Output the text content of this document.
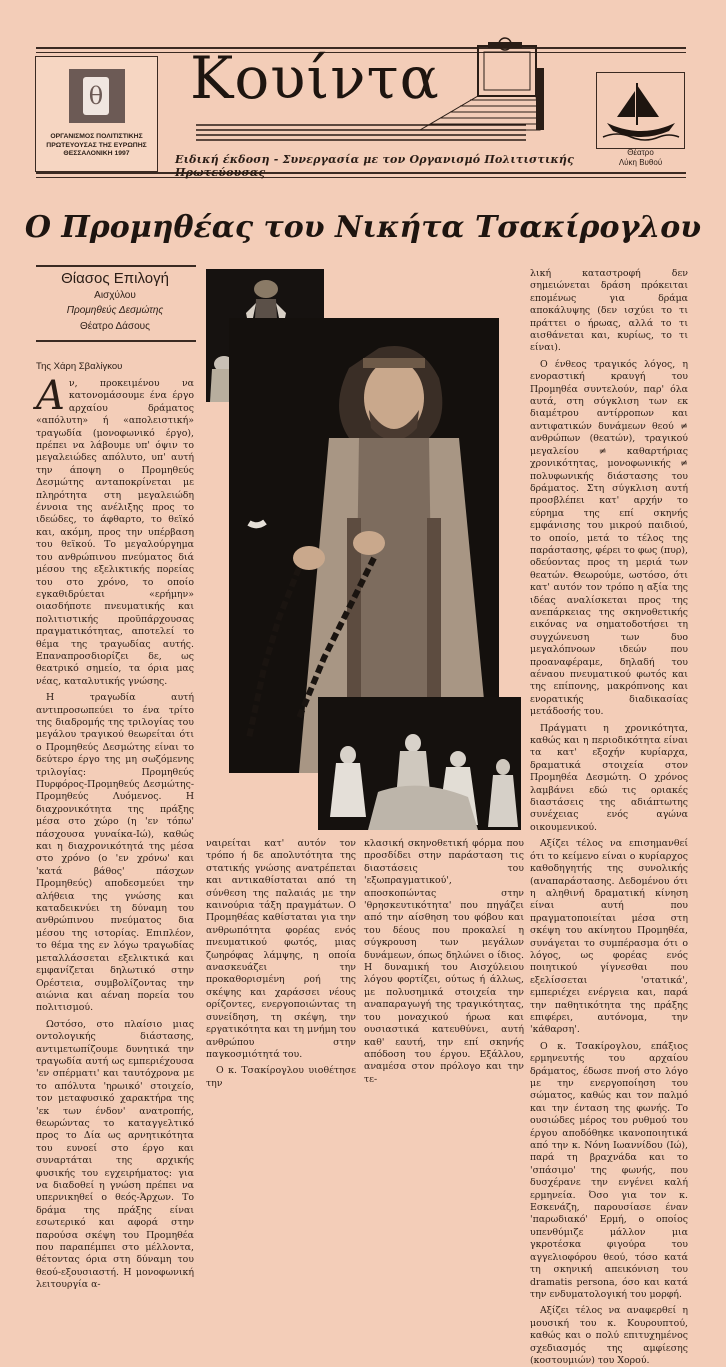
θ
ΟΡΓΑΝΙΣΜΟΣ ΠΟΛΙΤΙΣΤΙΚΗΣ
ΠΡΩΤΕΥΟΥΣΑΣ ΤΗΣ ΕΥΡΩΠΗΣ
ΘΕΣΣΑΛΟΝΙΚΗ 1997
Κουίντα
Ειδική έκδοση - Συνεργασία με τον Οργανισμό Πολιτιστικής Πρωτεύουσας
Θέατρο
Λύκη Βυθού
Ο Προμηθέας του Νικήτα Τσακίρογλου
Θίασος Επιλογή
Αισχύλου
Προμηθεύς Δεσμώτης
Θέατρο Δάσους
Της Χάρη Σβαλίγκου

Αν, προκειμένου να κατονομάσουμε ένα έργο αρχαίου δράματος «απόλυτη» ή «απολειστική» τραγωδία (μονοφωνικό έργο), πρέπει να λάβουμε υπ' όψιν το μεγαλειώδες απόλυτο, υπ' αυτή την άποψη ο Προμηθεύς Δεσμώτης ανταποκρίνεται με πληρότητα στη μεγαλειώδη έννοια της ανέλιξης προς το ιδεώδες, το άφθαρτο, το θεϊκό και, ακόμη, προς την υπέρβαση του θεϊκού. Το μεγαλούργημα του ανθρώπινου πνεύματος διά μέσου της εξελικτικής πορείας του στο χρόνο, το οποίο εγκαθιδρύεται «ερήμην» οιασδήποτε πνευματικής και πολιτιστικής προϋπάρχουσας πραγματικότητας, αποτελεί το θέμα της τραγωδίας αυτής. Επαναπροσδιορίζει δε, ως θεατρικό σημείο, τα όρια μας νέας, καταλυτικής γνώσης.

Η τραγωδία αυτή αντιπροσωπεύει το ένα τρίτο της διαδρομής της τριλογίας του μεγάλου τραγικού θεωρείται ότι ο Προμηθεύς Δεσμώτης είναι το δεύτερο έργο της μη σωζόμενης τριλογίας: Προμηθεύς Πυρφόρος-Προμηθεύς Δεσμώτης-Προμηθεύς Λυόμενος. Η διαχρονικότητα της πράξης μέσα στο χώρο (η 'εν τόπω' πάσχουσα γυναίκα-Ιώ), καθώς και η διαχρονικότητά της μέσα στο χρόνο (ο 'εν χρόνω' και 'κατά βάθος' πάσχων Προμηθεύς) αποδεσμεύει την αλήθεια της γνώσης και καταδεικνύει τη δύναμη του ανθρώπινου πνεύματος δια μέσου της ιστορίας. Επιπλέον, το θέμα της εν λόγω τραγωδίας μεταλλάσσεται εξελικτικά και εμφανίζεται δηλωτικό στην Ορέστεια, συμβολίζοντας την αιώνια και αέναη πορεία του πολιτισμού.

Ωστόσο, στο πλαίσιο μιας οντολογικής διάστασης, αντιμετωπίζουμε δυνητικά την τραγωδία αυτή ως εμπεριέχουσα 'εν σπέρματι' και ταυτόχρονα με το απόλυτα 'ηρωικό' στοιχείο, τον μεταφυσικό χαρακτήρα της 'εκ των ένδον' ανατροπής, θεωρώντας το καταγγελτικό προς το Δία ως αρνητικότητα του ευνοεί στο έργο και συναρτάται της αρχικής φυσικής του εγχειρήματος: για να διαδοθεί η γνώση πρέπει να υπερνικηθεί ο θεός-Άρχων. Το δράμα της πράξης είναι εσωτερικό και αφορά στην παρούσα σκέψη του Προμηθέα που παραπέμπει στο μέλλοντα, θέτοντας όρια στη δύναμη του θεού-εξουσιαστή. Η μονοφωνική λειτουργία α-

ναιρείται κατ' αυτόν τον τρόπο ή δε απολυτότητα της στατικής γνώσης ανατρέπεται και αντικαθίσταται από τη σύνθεση της παλαιάς με την καινούρια τάξη πραγμάτων. Ο Προμηθέας καθίσταται για την ανθρωπότητα φορέας ενός πνευματικού φωτός, μιας ζωηρόφας λάμψης, η οποία ανασκευάζει την προκαθορισμένη ροή της σκέψης και χαράσσει νέους ορίζοντες, ενεργοποιώντας τη συνείδηση, τη σκέψη, την εργατικότητα και τη μνήμη του ανθρώπου στην παγκοσμιότητά του.

Ο κ. Τσακίρογλου υιοθέτησε την

κλασική σκηνοθετική φόρμα που προσδίδει στην παράσταση τις διαστάσεις του 'εξωπραγματικού', αποσκοπώντας στην 'θρησκευτικότητα' που πηγάζει από την αίσθηση του φόβου και του δέους που προκαλεί η σύγκρουση των μεγάλων δυνάμεων, όπως δηλώνει ο ίδιος. Η δυναμική του Αισχύλειου λόγου φορτίζει, ούτως ή άλλως, με πολυσημικά στοιχεία την αναπαραγωγή της τραγικότητας, του μοναχικού ήρωα και ουσιαστικά κατευθύνει, αυτή καθ' εαυτή, την επί σκηνής απόδοση του έργου. Εξάλλου, αναμέσα στον πρόλογο και την τε-

λική καταστροφή δεν σημειώνεται δράση πρόκειται επομένως για δράμα αποκάλυψης (δεν ισχύει το τι πράττει ο ήρωας, αλλά το τι αισθάνεται και, κυρίως, το τι είναι).

Ο ένθεος τραγικός λόγος, η ενοραστική κραυγή του Προμηθέα συντελούν, παρ' όλα αυτά, στη σύγκλιση των εκ διαμέτρου αντίρροπων και αντιφατικών δυνάμεων θεού ≠ ανθρώπων (θεατών), τραγικού μεγαλείου ≠ καθαρτήριας χρονικότητας, μονοφωνικής ≠ πολυφωνικής διάστασης του δράματος. Στη σύγκλιση αυτή προσβλέπει κατ' αρχήν το εύρημα της επί σκηνής εμφάνισης του μικρού παιδιού, το οποίο, μετά το τέλος της παράστασης, φέρει το φως (πυρ), οδεύοντας προς τη μεριά των θεατών. Θεωρούμε, ωστόσο, ότι κατ' αυτόν τον τρόπο η αξία της ιδέας αναλίσκεται προς της ανεπάρκειας της σκηνοθετικής εικόνας να σηματοδοτήσει τη συγχώνευση των δυο μεγαλόπνοων ιδεών που προαναφέραμε, δηλαδή του αέναου πνευματικού φωτός και της επίπονης, μακρόπνοης και ενορατικής διαδικασίας μετάδοσής του.

Πράγματι η χρονικότητα, καθώς και η περιοδικότητα είναι τα κατ' εξοχήν κυρίαρχα, δραματικά στοιχεία στον Προμηθέα Δεσμώτη. Ο χρόνος λαμβάνει εδώ τις οριακές διαστάσεις της αδιάπτωτης συνέχειας ενός αγώνα οικουμενικού.

Αξίζει τέλος να επισημανθεί ότι το κείμενο είναι ο κυρίαρχος καθοδηγητής της συνολικής (αναπαράστασης. Δεδομένου ότι η αληθινή δραματική κίνηση είναι αυτή που πραγματοποιείται μέσα στη σκέψη του ακίνητου Προμηθέα, συνάγεται το συμπέρασμα ότι ο λόγος, ως φορέας ενός ποιητικού γίγνεσθαι που εξελίσσεται 'στατικά', εμπεριέχει ενέργεια και, παρά την παθητικότητα της πράξης επιφέρει, αυτόνομα, την 'κάθαρση'.

Ο κ. Τσακίρογλου, επάξιος ερμηνευτής του αρχαίου δράματος, έδωσε πνοή στο λόγο με την ενεργοποίηση του σώματος, καθώς και τον παλμό και την ένταση της φωνής. Το ουσιώδες μέρος του ρυθμού του έργου αποδόθηκε ικανοποιητικά από την κ. Νόνη Ιωαννίδου (Ιώ), παρά τη βραχνάδα και το 'σπάσιμο' της φωνής, που δυσχέρανε την ενγένει καλή ερμηνεία. Όσο για τον κ. Εσκενάζη, παρουσίασε έναν 'παρωδιακό' Ερμή, ο οποίος υπενθύμιζε μάλλον μια γκροτέσκα φιγούρα του αγγελιοφόρου θεού, τόσο κατά τη σκηνική απεικόνιση του dramatis persona, όσο και κατά την ενδυματολογική του μορφή.

Αξίζει τέλος να αναφερθεί η μουσική του κ. Κουρουπτού, καθώς και ο πολύ επιτυχημένος σχεδιασμός της αμφίεσης (κοστουμιών) του Χορού.
